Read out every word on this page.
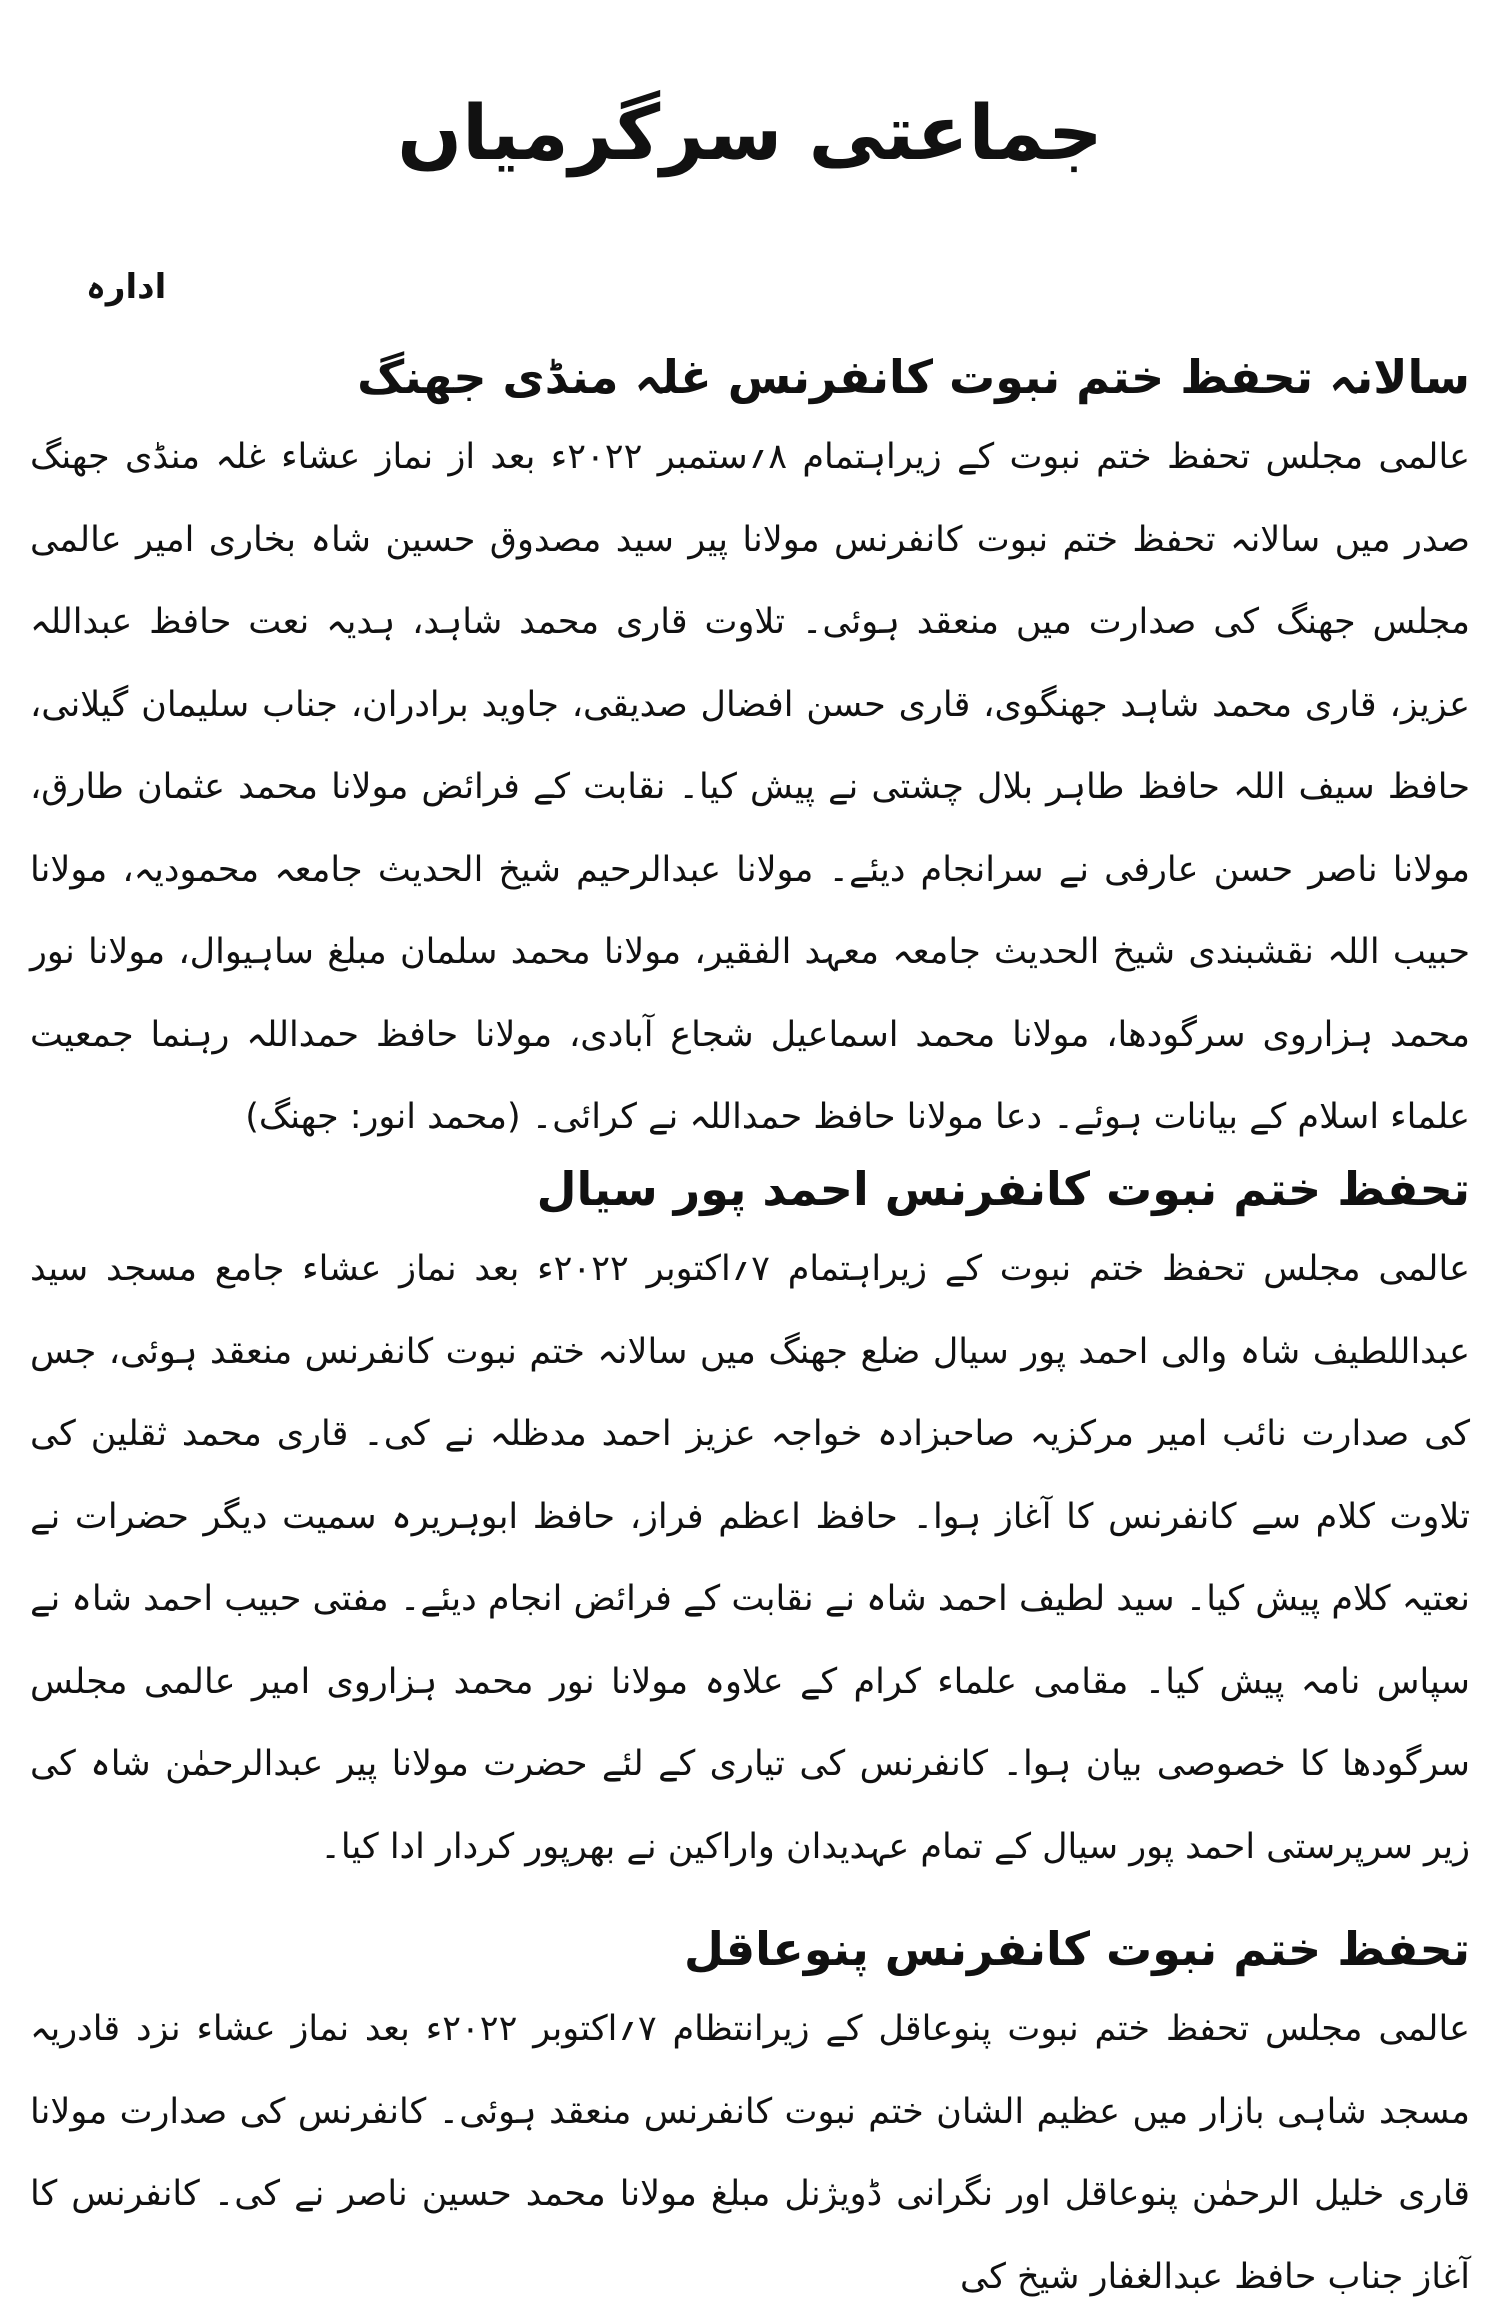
جماعتی سرگرمیاں
ادارہ
سالانہ تحفظ ختم نبوت کانفرنس غلہ منڈی جھنگ

عالمی مجلس تحفظ ختم نبوت کے زیراہتمام ۸؍ستمبر ۲۰۲۲ء بعد از نماز عشاء غلہ منڈی جھنگ صدر میں سالانہ تحفظ ختم نبوت کانفرنس مولانا پیر سید مصدوق حسین شاہ بخاری امیر عالمی مجلس جھنگ کی صدارت میں منعقد ہوئی۔ تلاوت قاری محمد شاہد، ہدیہ نعت حافظ عبداللہ عزیز، قاری محمد شاہد جھنگوی، قاری حسن افضال صدیقی، جاوید برادران، جناب سلیمان گیلانی، حافظ سیف اللہ حافظ طاہر بلال چشتی نے پیش کیا۔ نقابت کے فرائض مولانا محمد عثمان طارق، مولانا ناصر حسن عارفی نے سرانجام دیئے۔ مولانا عبدالرحیم شیخ الحدیث جامعہ محمودیہ، مولانا حبیب اللہ نقشبندی شیخ الحدیث جامعہ معہد الفقیر، مولانا محمد سلمان مبلغ ساہیوال، مولانا نور محمد ہزاروی سرگودھا، مولانا محمد اسماعیل شجاع آبادی، مولانا حافظ حمداللہ رہنما جمعیت علماء اسلام کے بیانات ہوئے۔ دعا مولانا حافظ حمداللہ نے کرائی۔ (محمد انور: جھنگ)

تحفظ ختم نبوت کانفرنس احمد پور سیال

عالمی مجلس تحفظ ختم نبوت کے زیراہتمام ۷؍اکتوبر ۲۰۲۲ء بعد نماز عشاء جامع مسجد سید عبداللطیف شاہ والی احمد پور سیال ضلع جھنگ میں سالانہ ختم نبوت کانفرنس منعقد ہوئی، جس کی صدارت نائب امیر مرکزیہ صاحبزادہ خواجہ عزیز احمد مدظلہ نے کی۔ قاری محمد ثقلین کی تلاوت کلام سے کانفرنس کا آغاز ہوا۔ حافظ اعظم فراز، حافظ ابوہریرہ سمیت دیگر حضرات نے نعتیہ کلام پیش کیا۔ سید لطیف احمد شاہ نے نقابت کے فرائض انجام دیئے۔ مفتی حبیب احمد شاہ نے سپاس نامہ پیش کیا۔ مقامی علماء کرام کے علاوہ مولانا نور محمد ہزاروی امیر عالمی مجلس سرگودھا کا خصوصی بیان ہوا۔ کانفرنس کی تیاری کے لئے حضرت مولانا پیر عبدالرحمٰن شاہ کی زیر سرپرستی احمد پور سیال کے تمام عہدیدان واراکین نے بھرپور کردار ادا کیا۔

تحفظ ختم نبوت کانفرنس پنوعاقل

عالمی مجلس تحفظ ختم نبوت پنوعاقل کے زیرانتظام ۷؍اکتوبر ۲۰۲۲ء بعد نماز عشاء نزد قادریہ مسجد شاہی بازار میں عظیم الشان ختم نبوت کانفرنس منعقد ہوئی۔ کانفرنس کی صدارت مولانا قاری خلیل الرحمٰن پنوعاقل اور نگرانی ڈویژنل مبلغ مولانا محمد حسین ناصر نے کی۔ کانفرنس کا آغاز جناب حافظ عبدالغفار شیخ کی
